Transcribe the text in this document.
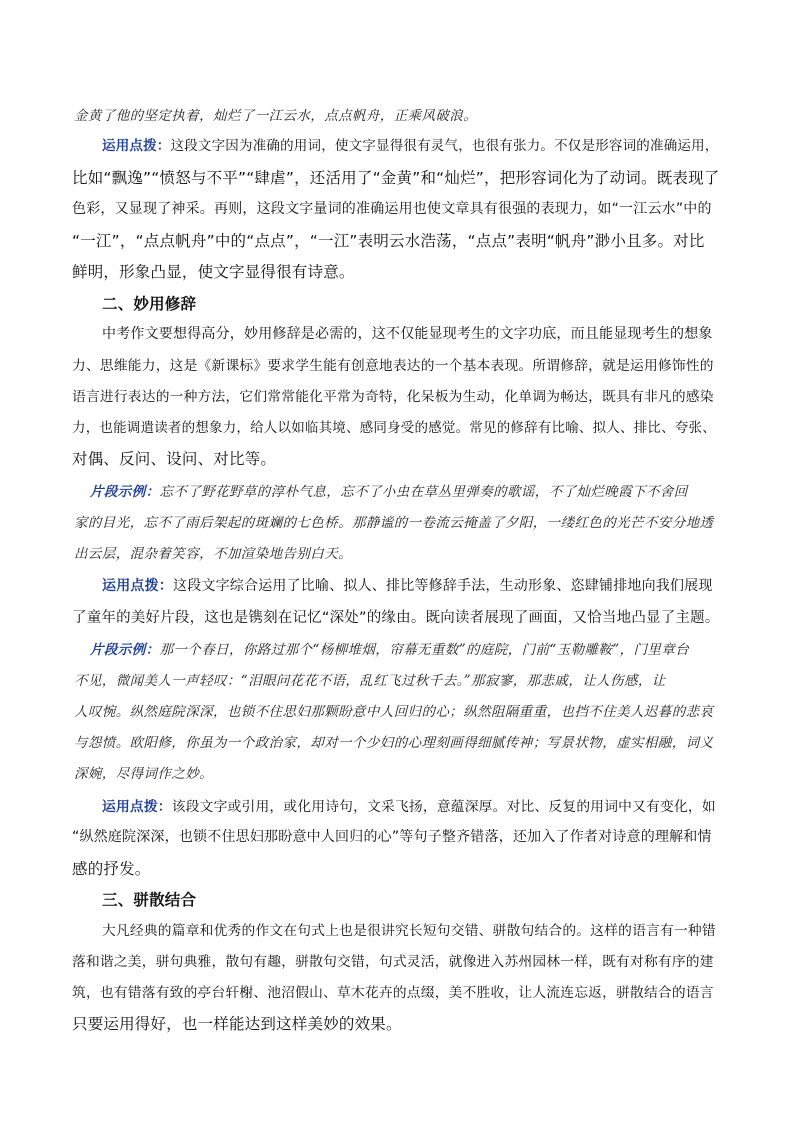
金黄了他的坚定执着，灿烂了一江云水，点点帆舟，正乘风破浪。
运用点拨：这段文字因为准确的用词，使文字显得很有灵气，也很有张力。不仅是形容词的准确运用，
比如“飘逸”“愤怒与不平”“肆虐”，还活用了“金黄”和“灿烂”，把形容词化为了动词。既表现了
色彩，又显现了神采。再则，这段文字量词的准确运用也使文章具有很强的表现力，如“一江云水”中的
“一江”，“点点帆舟”中的“点点”，“一江”表明云水浩荡，“点点”表明“帆舟”渺小且多。对比
鲜明，形象凸显，使文字显得很有诗意。
二、妙用修辞
中考作文要想得高分，妙用修辞是必需的，这不仅能显现考生的文字功底，而且能显现考生的想象
力、思维能力，这是《新课标》要求学生能有创意地表达的一个基本表现。所谓修辞，就是运用修饰性的
语言进行表达的一种方法，它们常常能化平常为奇特，化呆板为生动，化单调为畅达，既具有非凡的感染
力，也能调遣读者的想象力，给人以如临其境、感同身受的感觉。常见的修辞有比喻、拟人、排比、夸张、
对偶、反问、设问、对比等。
片段示例：忘不了野花野草的淳朴气息，忘不了小虫在草丛里弹奏的歌谣，不了灿烂晚霞下不舍回
家的目光，忘不了雨后架起的斑斓的七色桥。那静谧的一卷流云掩盖了夕阳，一缕红色的光芒不安分地透
出云层，混杂着笑容，不加渲染地告别白天。
运用点拨：这段文字综合运用了比喻、拟人、排比等修辞手法，生动形象、恣肆铺排地向我们展现
了童年的美好片段，这也是镌刻在记忆“深处”的缘由。既向读者展现了画面，又恰当地凸显了主题。
片段示例：那一个春日，你路过那个“杨柳堆烟，帘幕无重数”的庭院，门前“玉勒雕鞍”，门里章台
不见，微闻美人一声轻叹：“泪眼问花花不语，乱红飞过秋千去。”那寂寥，那悲戚，让人伤感，让
人叹惋。纵然庭院深深，也锁不住思妇那颗盼意中人回归的心；纵然阻隔重重，也挡不住美人迟暮的悲哀
与怨愤。欧阳修，你虽为一个政治家，却对一个少妇的心理刻画得细腻传神；写景状物，虚实相融，词义
深婉，尽得词作之妙。
运用点拨：该段文字或引用，或化用诗句，文采飞扬，意蕴深厚。对比、反复的用词中又有变化，如
“纵然庭院深深，也锁不住思妇那盼意中人回归的心”等句子整齐错落，还加入了作者对诗意的理解和情
感的抒发。
三、骈散结合
大凡经典的篇章和优秀的作文在句式上也是很讲究长短句交错、骈散句结合的。这样的语言有一种错
落和谐之美，骈句典雅，散句有趣，骈散句交错，句式灵活，就像进入苏州园林一样，既有对称有序的建
筑，也有错落有致的亭台轩榭、池沼假山、草木花卉的点缀，美不胜收，让人流连忘返，骈散结合的语言
只要运用得好，也一样能达到这样美妙的效果。
